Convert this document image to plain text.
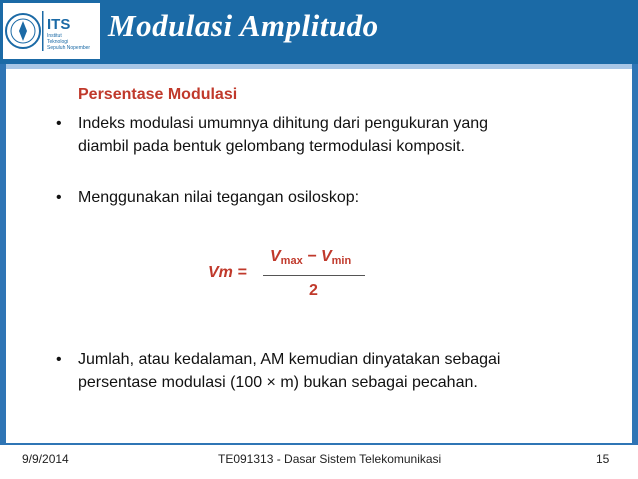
ITS
Institut
Teknologi
Sepuluh Nopember
Modulasi Amplitudo
Persentase Modulasi
•	Indeks modulasi umumnya dihitung dari pengukuran yang
diambil pada bentuk gelombang termodulasi komposit.
•	Menggunakan nilai tegangan osiloskop:
Vm =
$V_{max} - V_{min}$
2
•	Jumlah, atau kedalaman, AM kemudian dinyatakan sebagai
persentase modulasi (100 × m) bukan sebagai pecahan.
9/9/2014	TE091313 - Dasar Sistem Telekomunikasi	15
